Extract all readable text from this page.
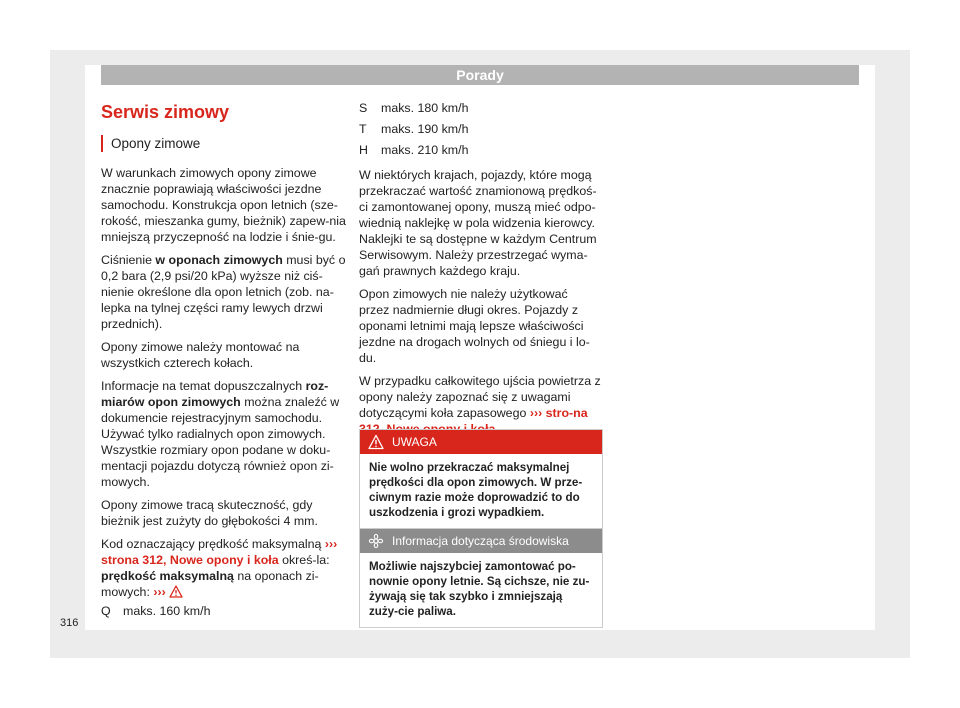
Porady
Serwis zimowy
Opony zimowe

W warunkach zimowych opony zimowe znacznie poprawiają właściwości jezdne samochodu. Konstrukcja opon letnich (sze-rokość, mieszanka gumy, bieżnik) zapew-nia mniejszą przyczepność na lodzie i śnie-gu.

Ciśnienie w oponach zimowych musi być o 0,2 bara (2,9 psi/20 kPa) wyższe niż ciś-nienie określone dla opon letnich (zob. na-lepka na tylnej części ramy lewych drzwi przednich).

Opony zimowe należy montować na wszystkich czterech kołach.

Informacje na temat dopuszczalnych roz-miarów opon zimowych można znaleźć w dokumencie rejestracyjnym samochodu. Używać tylko radialnych opon zimowych. Wszystkie rozmiary opon podane w doku-mentacji pojazdu dotyczą również opon zi-mowych.

Opony zimowe tracą skuteczność, gdy bieżnik jest zużyty do głębokości 4 mm.

Kod oznaczający prędkość maksymalną ››› strona 312, Nowe opony i koła okreś-la: prędkość maksymalną na oponach zi-mowych: ›››

Q maks. 160 km/h
S	maks. 180 km/h
T	maks. 190 km/h
H	maks. 210 km/h

W niektórych krajach, pojazdy, które mogą przekraczać wartość znamionową prędkoś-ci zamontowanej opony, muszą mieć odpo-wiednią naklejkę w pola widzenia kierowcy. Naklejki te są dostępne w każdym Centrum Serwisowym. Należy przestrzegać wyma-gań prawnych każdego kraju.

Opon zimowych nie należy użytkować przez nadmiernie długi okres. Pojazdy z oponami letnimi mają lepsze właściwości jezdne na drogach wolnych od śniegu i lo-du.

W przypadku całkowitego ujścia powietrza z opony należy zapoznać się z uwagami dotyczącymi koła zapasowego ››› stro-na

UWAGA
Nie wolno przekraczać maksymalnej prędkości dla opon zimowych. W prze-ciwnym razie może doprowadzić to do uszkodzenia i grozi wypadkiem.
Informacja dotycząca środowiska
Możliwie najszybciej zamontować po-nownie opony letnie. Są cichsze, nie zu-żywają się tak szybko i zmniejszają zuży-cie paliwa.
316
